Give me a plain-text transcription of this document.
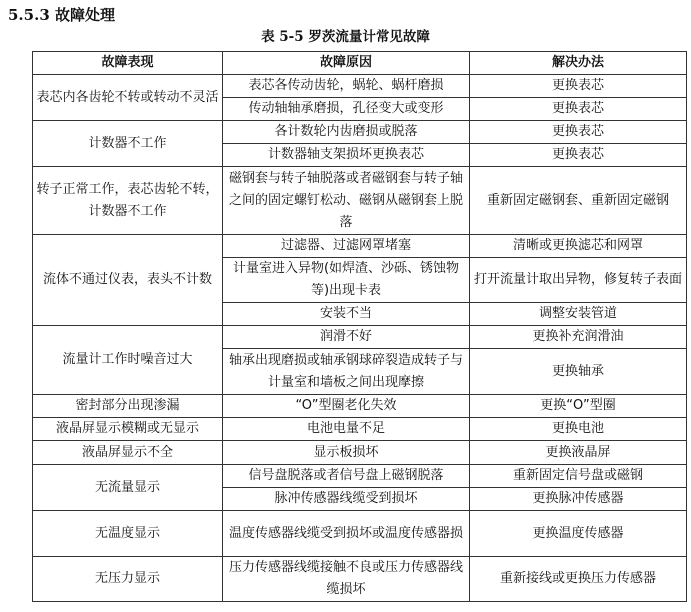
5.5.3 故障处理
表 5-5 罗茨流量计常见故障
故障表现	故障原因	解决办法
表芯内各齿轮不转或转动不灵活	表芯各传动齿轮，蜗轮、蜗杆磨损	更换表芯
	传动轴轴承磨损，孔径变大或变形	更换表芯
计数器不工作	各计数轮内齿磨损或脱落	更换表芯
	计数器轴支架损坏更换表芯	更换表芯
转子正常工作，表芯齿轮不转，计数器不工作	磁钢套与转子轴脱落或者磁钢套与转子轴之间的固定螺钉松动、磁钢从磁钢套上脱落	重新固定磁钢套、重新固定磁钢
流体不通过仪表，表头不计数	过滤器、过滤网罩堵塞	清晰或更换滤芯和网罩
	计量室进入异物(如焊渣、沙砾、锈蚀物等)出现卡表	打开流量计取出异物，修复转子表面
	安装不当	调整安装管道
流量计工作时噪音过大	润滑不好	更换补充润滑油
	轴承出现磨损或轴承钢球碎裂造成转子与计量室和墙板之间出现摩擦	更换轴承
密封部分出现渗漏	“O”型圈老化失效	更换“O”型圈
液晶屏显示模糊或无显示	电池电量不足	更换电池
液晶屏显示不全	显示板损坏	更换液晶屏
无流量显示	信号盘脱落或者信号盘上磁钢脱落	重新固定信号盘或磁钢
	脉冲传感器线缆受到损坏	更换脉冲传感器
无温度显示	温度传感器线缆受到损坏或温度传感器损	更换温度传感器
无压力显示	压力传感器线缆接触不良或压力传感器线缆损坏	重新接线或更换压力传感器
